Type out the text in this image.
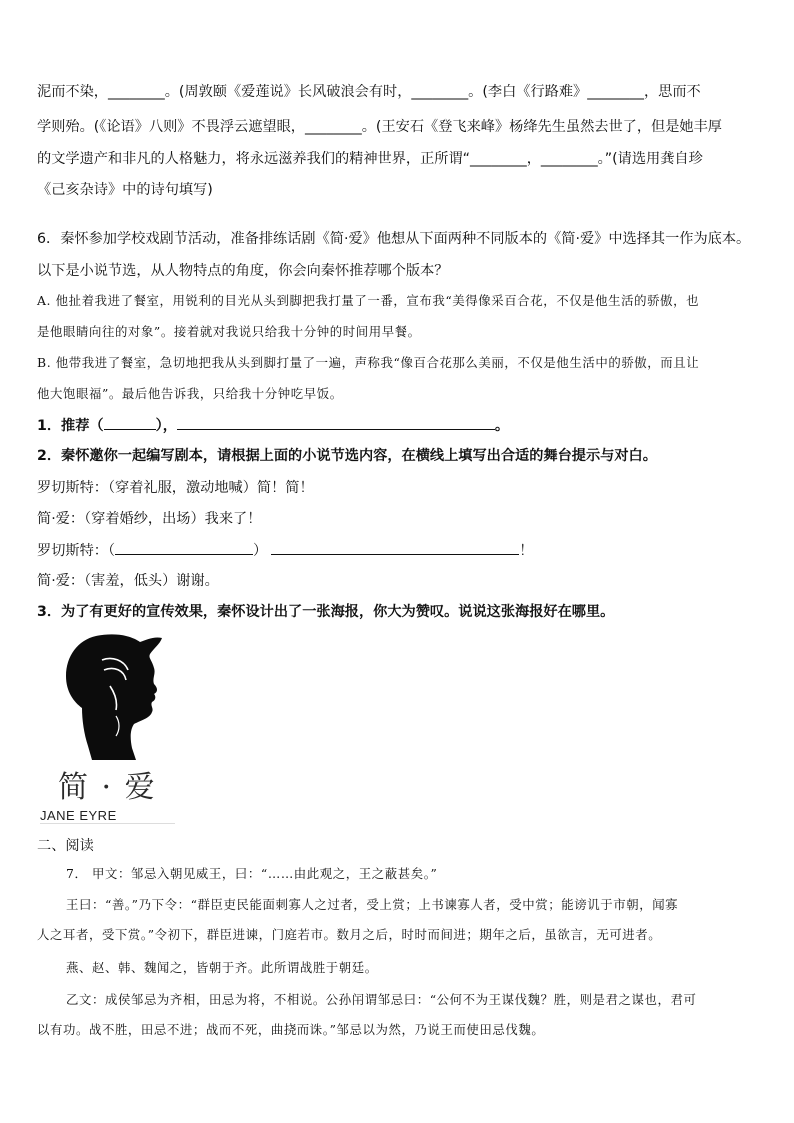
泥而不染，________。(周敦颐《爱莲说》长风破浪会有时，________。(李白《行路难》________，思而不
学则殆。(《论语》八则》不畏浮云遮望眼，________。(王安石《登飞来峰》杨绛先生虽然去世了，但是她丰厚
的文学遗产和非凡的人格魅力，将永远滋养我们的精神世界，正所谓“________，________。”(请选用龚自珍
《己亥杂诗》中的诗句填写)
6．秦怀参加学校戏剧节活动，准备排练话剧《简·爱》他想从下面两种不同版本的《简·爱》中选择其一作为底本。
以下是小说节选，从人物特点的角度，你会向秦怀推荐哪个版本？
A. 他扯着我进了餐室，用锐利的目光从头到脚把我打量了一番，宣布我“美得像采百合花，不仅是他生活的骄傲，也
是他眼睛向往的对象”。接着就对我说只给我十分钟的时间用早餐。
B. 他带我进了餐室，急切地把我从头到脚打量了一遍，声称我“像百合花那么美丽，不仅是他生活中的骄傲，而且让
他大饱眼福”。最后他告诉我，只给我十分钟吃早饭。
1．推荐（	），	。
2．秦怀邀你一起编写剧本，请根据上面的小说节选内容，在横线上填写出合适的舞台提示与对白。
罗切斯特：（穿着礼服，激动地喊）简！简！
简·爱：（穿着婚纱，出场）我来了！
罗切斯特：（	）	！
简·爱：（害羞，低头）谢谢。
3．为了有更好的宣传效果，秦怀设计出了一张海报，你大为赞叹。说说这张海报好在哪里。
简 · 爱
JANE EYRE
二、阅读
7． 甲文：邹忌入朝见威王，曰：“……由此观之，王之蔽甚矣。”
王曰：“善。”乃下令：“群臣吏民能面刺寡人之过者，受上赏；上书谏寡人者，受中赏；能谤讥于市朝，闻寡
人之耳者，受下赏。”令初下，群臣进谏，门庭若市。数月之后，时时而间进；期年之后，虽欲言，无可进者。
燕、赵、韩、魏闻之，皆朝于齐。此所谓战胜于朝廷。
乙文：成侯邹忌为齐相，田忌为将，不相说。公孙闬谓邹忌曰：“公何不为王谋伐魏？胜，则是君之谋也，君可
以有功。战不胜，田忌不进；战而不死，曲挠而诛。”邹忌以为然，乃说王而使田忌伐魏。
